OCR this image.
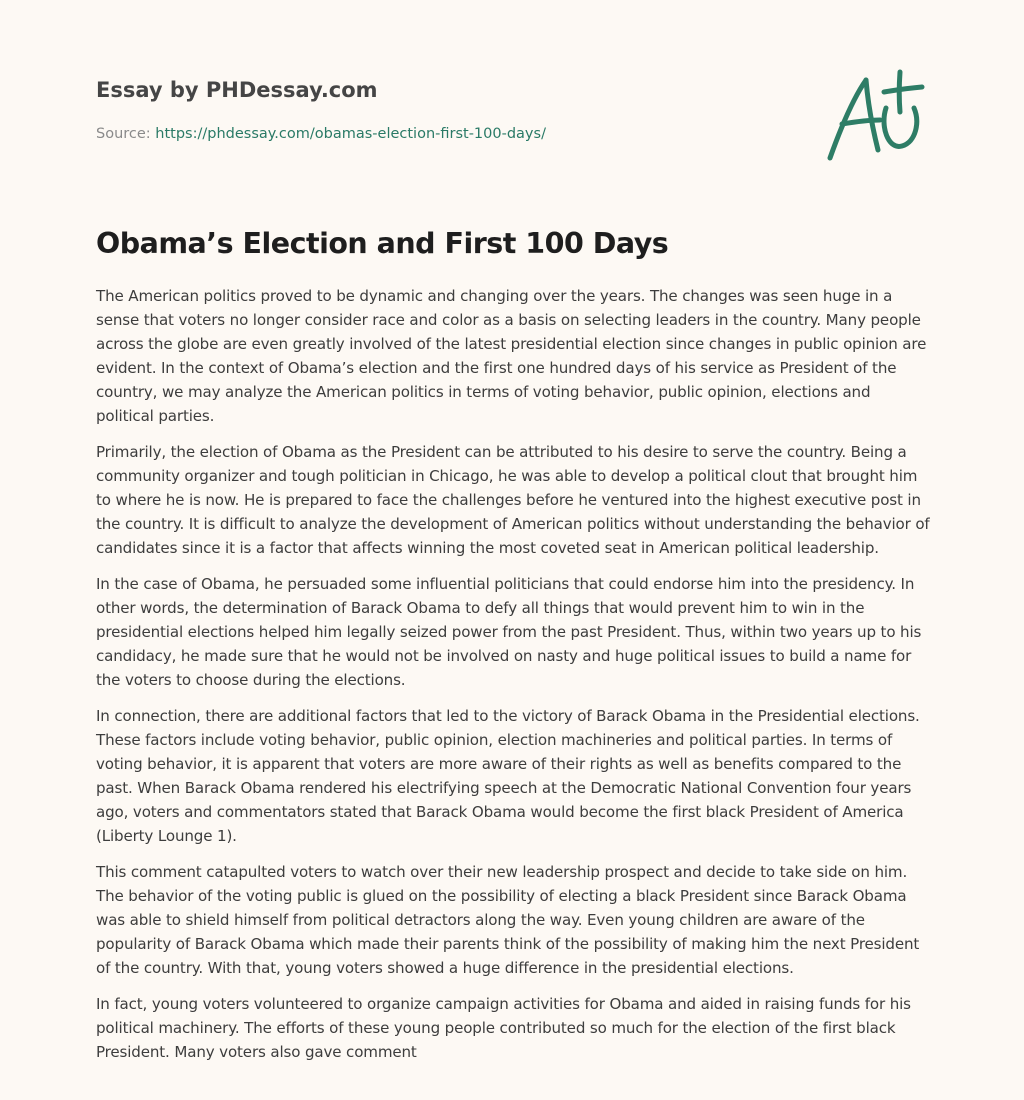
Essay by PHDessay.com
Source: https://phdessay.com/obamas-election-first-100-days/
Obama’s Election and First 100 Days

The American politics proved to be dynamic and changing over the years. The changes was seen huge in a sense that voters no longer consider race and color as a basis on selecting leaders in the country. Many people across the globe are even greatly involved of the latest presidential election since changes in public opinion are evident. In the context of Obama’s election and the first one hundred days of his service as President of the country, we may analyze the American politics in terms of voting behavior, public opinion, elections and political parties.

Primarily, the election of Obama as the President can be attributed to his desire to serve the country. Being a community organizer and tough politician in Chicago, he was able to develop a political clout that brought him to where he is now. He is prepared to face the challenges before he ventured into the highest executive post in the country. It is difficult to analyze the development of American politics without understanding the behavior of candidates since it is a factor that affects winning the most coveted seat in American political leadership.

In the case of Obama, he persuaded some influential politicians that could endorse him into the presidency. In other words, the determination of Barack Obama to defy all things that would prevent him to win in the presidential elections helped him legally seized power from the past President. Thus, within two years up to his candidacy, he made sure that he would not be involved on nasty and huge political issues to build a name for the voters to choose during the elections.

In connection, there are additional factors that led to the victory of Barack Obama in the Presidential elections. These factors include voting behavior, public opinion, election machineries and political parties. In terms of voting behavior, it is apparent that voters are more aware of their rights as well as benefits compared to the past. When Barack Obama rendered his electrifying speech at the Democratic National Convention four years ago, voters and commentators stated that Barack Obama would become the first black President of America (Liberty Lounge 1).

This comment catapulted voters to watch over their new leadership prospect and decide to take side on him. The behavior of the voting public is glued on the possibility of electing a black President since Barack Obama was able to shield himself from political detractors along the way. Even young children are aware of the popularity of Barack Obama which made their parents think of the possibility of making him the next President of the country. With that, young voters showed a huge difference in the presidential elections.

In fact, young voters volunteered to organize campaign activities for Obama and aided in raising funds for his political machinery. The efforts of these young people contributed so much for the election of the first black President. Many voters also gave comment
